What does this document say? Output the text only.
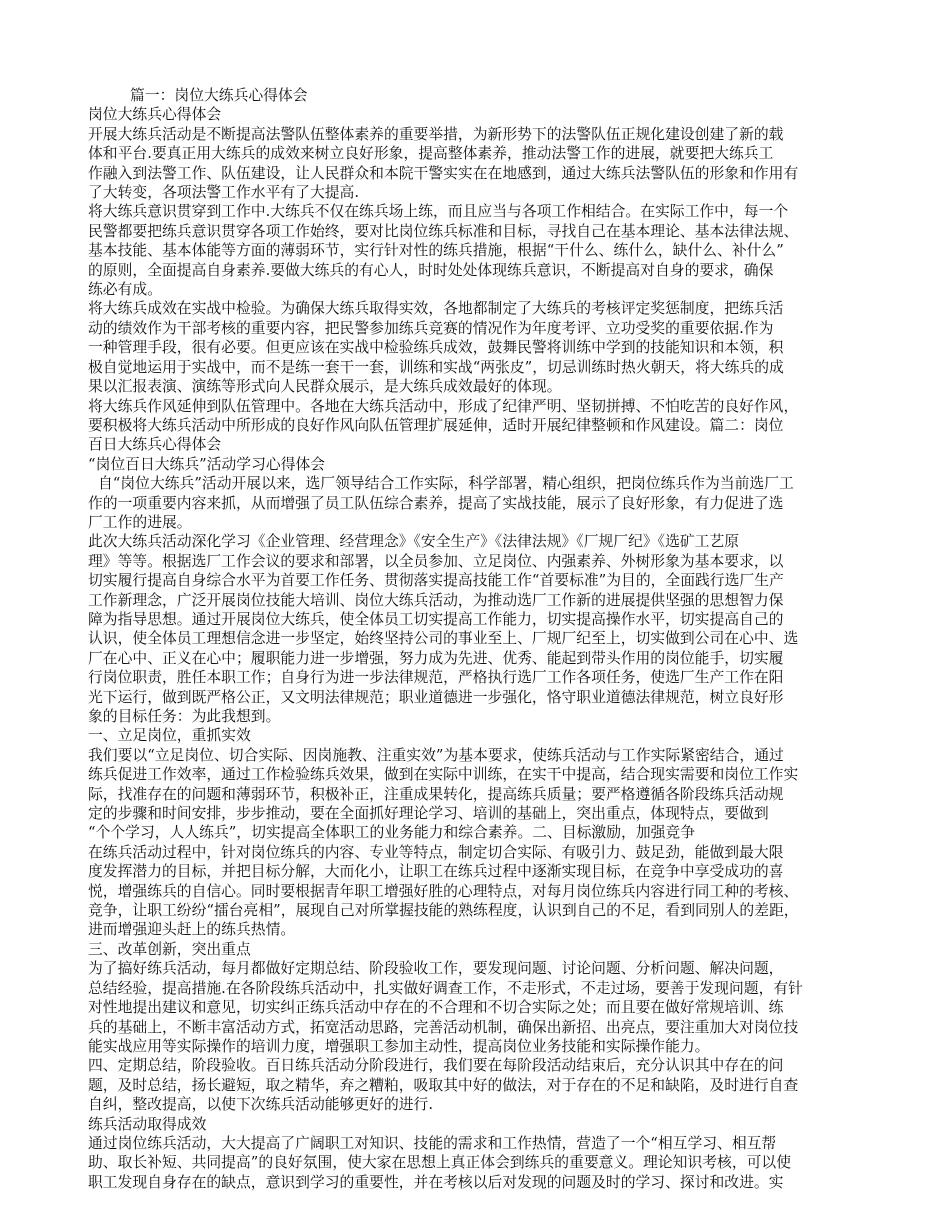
篇一：岗位大练兵心得体会
岗位大练兵心得体会
开展大练兵活动是不断提高法警队伍整体素养的重要举措，为新形势下的法警队伍正规化建设创建了新的载
体和平台.要真正用大练兵的成效来树立良好形象，提高整体素养，推动法警工作的进展，就要把大练兵工
作融入到法警工作、队伍建设，让人民群众和本院干警实实在在地感到，通过大练兵法警队伍的形象和作用有
了大转变，各项法警工作水平有了大提高.
将大练兵意识贯穿到工作中.大练兵不仅在练兵场上练，而且应当与各项工作相结合。在实际工作中，每一个
民警都要把练兵意识贯穿各项工作始终，要对比岗位练兵标准和目标，寻找自己在基本理论、基本法律法规、
基本技能、基本体能等方面的薄弱环节，实行针对性的练兵措施，根据“干什么、练什么，缺什么、补什么”
的原则，全面提高自身素养.要做大练兵的有心人，时时处处体现练兵意识，不断提高对自身的要求，确保
练必有成。
将大练兵成效在实战中检验。为确保大练兵取得实效，各地都制定了大练兵的考核评定奖惩制度，把练兵活
动的绩效作为干部考核的重要内容，把民警参加练兵竞赛的情况作为年度考评、立功受奖的重要依据.作为
一种管理手段，很有必要。但更应该在实战中检验练兵成效，鼓舞民警将训练中学到的技能知识和本领，积
极自觉地运用于实战中，而不是练一套干一套，训练和实战“两张皮”，切忌训练时热火朝天，将大练兵的成
果以汇报表演、演练等形式向人民群众展示，是大练兵成效最好的体现。
将大练兵作风延伸到队伍管理中。各地在大练兵活动中，形成了纪律严明、坚韧拼搏、不怕吃苦的良好作风，
要积极将大练兵活动中所形成的良好作风向队伍管理扩展延伸，适时开展纪律整顿和作风建设。篇二：岗位
百日大练兵心得体会
“岗位百日大练兵”活动学习心得体会
自“岗位大练兵”活动开展以来，选厂领导结合工作实际，科学部署，精心组织，把岗位练兵作为当前选厂工
作的一项重要内容来抓，从而增强了员工队伍综合素养，提高了实战技能，展示了良好形象，有力促进了选
厂工作的进展。
此次大练兵活动深化学习《企业管理、经营理念》《安全生产》《法律法规》《厂规厂纪》《选矿工艺原
理》等等。根据选厂工作会议的要求和部署，以全员参加、立足岗位、内强素养、外树形象为基本要求，以
切实履行提高自身综合水平为首要工作任务、贯彻落实提高技能工作“首要标准”为目的，全面践行选厂生产
工作新理念，广泛开展岗位技能大培训、岗位大练兵活动，为推动选厂工作新的进展提供坚强的思想智力保
障为指导思想。通过开展岗位大练兵，使全体员工切实提高工作能力，切实提高操作水平，切实提高自己的
认识，使全体员工理想信念进一步坚定，始终坚持公司的事业至上、厂规厂纪至上，切实做到公司在心中、选
厂在心中、正义在心中；履职能力进一步增强，努力成为先进、优秀、能起到带头作用的岗位能手，切实履
行岗位职责，胜任本职工作；自身行为进一步法律规范，严格执行选厂工作各项任务，使选厂生产工作在阳
光下运行，做到既严格公正，又文明法律规范；职业道德进一步强化，恪守职业道德法律规范，树立良好形
象的目标任务：为此我想到。
一、立足岗位，重抓实效
我们要以“立足岗位、切合实际、因岗施教、注重实效”为基本要求，使练兵活动与工作实际紧密结合，通过
练兵促进工作效率，通过工作检验练兵效果，做到在实际中训练，在实干中提高，结合现实需要和岗位工作实
际，找准存在的问题和薄弱环节，积极补正，注重成果转化，提高练兵质量；要严格遵循各阶段练兵活动规
定的步骤和时间安排，步步推动，要在全面抓好理论学习、培训的基础上，突出重点，体现特点，要做到
“个个学习，人人练兵”，切实提高全体职工的业务能力和综合素养。二、目标激励，加强竞争
在练兵活动过程中，针对岗位练兵的内容、专业等特点，制定切合实际、有吸引力、鼓足劲，能做到最大限
度发挥潜力的目标，并把目标分解，大而化小，让职工在练兵过程中逐渐实现目标，在竞争中享受成功的喜
悦，增强练兵的自信心。同时要根据青年职工增强好胜的心理特点，对每月岗位练兵内容进行同工种的考核、
竞争，让职工纷纷“擂台亮相”，展现自己对所掌握技能的熟练程度，认识到自己的不足，看到同别人的差距，
进而增强迎头赶上的练兵热情。
三、改革创新，突出重点
为了搞好练兵活动，每月都做好定期总结、阶段验收工作，要发现问题、讨论问题、分析问题、解决问题，
总结经验，提高措施.在各阶段练兵活动中，扎实做好调查工作，不走形式，不走过场，要善于发现问题，有针
对性地提出建议和意见，切实纠正练兵活动中存在的不合理和不切合实际之处；而且要在做好常规培训、练
兵的基础上，不断丰富活动方式，拓宽活动思路，完善活动机制，确保出新招、出亮点，要注重加大对岗位技
能实战应用等实际操作的培训力度，增强职工参加主动性，提高岗位业务技能和实际操作能力。
四、定期总结，阶段验收。百日练兵活动分阶段进行，我们要在每阶段活动结束后，充分认识其中存在的问
题，及时总结，扬长避短，取之精华，弃之糟粕，吸取其中好的做法，对于存在的不足和缺陷，及时进行自查
自纠，整改提高，以使下次练兵活动能够更好的进行.
练兵活动取得成效
通过岗位练兵活动，大大提高了广阔职工对知识、技能的需求和工作热情，营造了一个“相互学习、相互帮
助、取长补短、共同提高”的良好氛围，使大家在思想上真正体会到练兵的重要意义。理论知识考核，可以使
职工发现自身存在的缺点，意识到学习的重要性，并在考核以后对发现的问题及时的学习、探讨和改进。实
